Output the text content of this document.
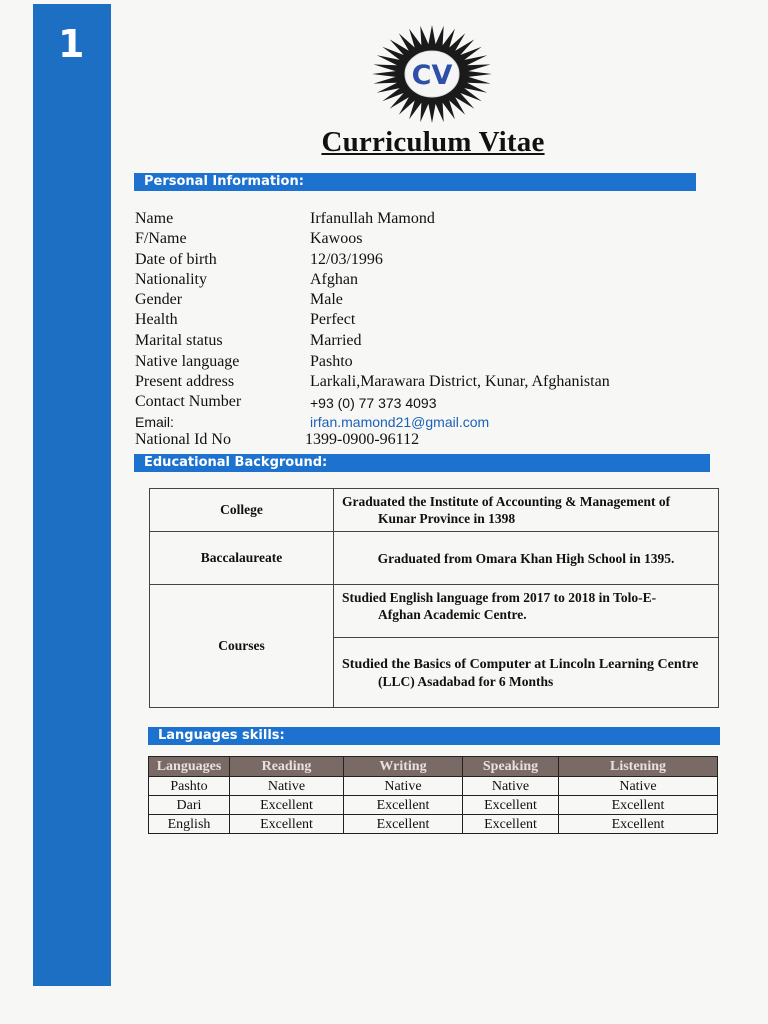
1
CV
Curriculum Vitae
Personal Information:
Name	Irfanullah Mamond
F/Name	Kawoos
Date of birth	12/03/1996
Nationality	Afghan
Gender	Male
Health	Perfect
Marital status	Married
Native language	Pashto
Present address	Larkali,Marawara District, Kunar, Afghanistan
Contact Number	+93 (0) 77 373 4093
Email:	irfan.mamond21@gmail.com
National Id No	1399-0900-96112
Educational Background:
College	Graduated the Institute of Accounting & Management of
Kunar Province in 1398

Baccalaureate	Graduated from Omara Khan High School in 1395.
Courses	Studied English language from 2017 to 2018 in Tolo-E-
Afghan Academic Centre.

	Studied the Basics of Computer at Lincoln Learning Centre
(LLC) Asadabad for 6 Months
Languages skills:
Languages	Reading	Writing	Speaking	Listening
Pashto	Native	Native	Native	Native
Dari	Excellent	Excellent	Excellent	Excellent
English	Excellent	Excellent	Excellent	Excellent
